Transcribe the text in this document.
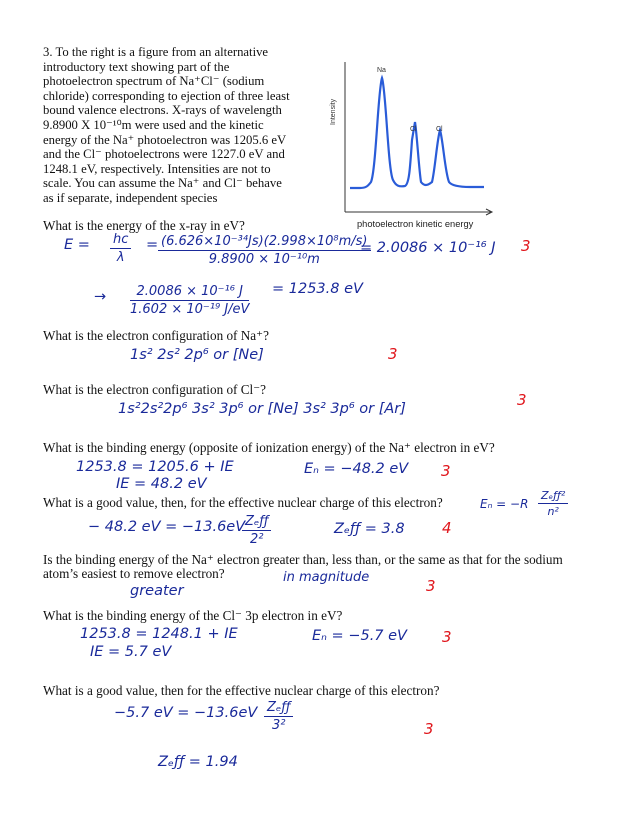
3. To the right is a figure from an alternative
introductory text showing part of the
photoelectron spectrum of Na⁺Cl⁻ (sodium
chloride) corresponding to ejection of three least
bound valence electrons. X-rays of wavelength
9.8900 X 10⁻¹⁰m were used and the kinetic
energy of the Na⁺ photoelectron was 1205.6 eV
and the Cl⁻ photoelectrons were 1227.0 eV and
1248.1 eV, respectively. Intensities are not to
scale. You can assume the Na⁺ and Cl⁻ behave
as if separate, independent species
Na
Cl	Cl
Intensity
photoelectron kinetic energy
What is the energy of the x-ray in eV?
$E = \frac{hc}{\lambda} = \frac{\text{(6.626×10⁻³⁴Js)(2.998×10⁸m/s)}}{\text{9.8900 × 10⁻¹⁰m}}$
= 2.0086 × 10⁻¹⁶ J 3
→ $\frac{\text{2.0086 × 10⁻¹⁶ J}}{\text{1.602 × 10⁻¹⁹ J/eV}} = 1253.8$ eV
What is the electron configuration of Na⁺?
1s² 2s² 2p⁶ or [Ne]	3
What is the electron configuration of Cl⁻?
1s²2s²2p⁶ 3s² 3p⁶ or [Ne] 3s² 3p⁶ or [Ar]	3
What is the binding energy (opposite of ionization energy) of the Na⁺ electron in eV?
1253.8 = 1205.6 + IE
IE = 48.2 eV
Eₙ = −48.2 eV 3
What is a good value, then, for the effective nuclear charge of this electron?	Eₙ = −R
Zₑƒƒ²
n²
− 48.2 eV = −13.6eV Zₑƒƒ
2²
Zₑƒƒ = 3.8 4
Is the binding energy of the Na⁺ electron greater than, less than, or the same as that for the sodium
atom’s easiest to remove electron?	in magnitude
greater	3
What is the binding energy of the Cl⁻ 3p electron in eV?
1253.8 = 1248.1 + IE
IE = 5.7 eV
Eₙ = −5.7 eV 3
What is a good value, then for the effective nuclear charge of this electron?
−5.7 eV = −13.6eV Zₑƒƒ
3²	3
Zₑƒƒ = 1.94
